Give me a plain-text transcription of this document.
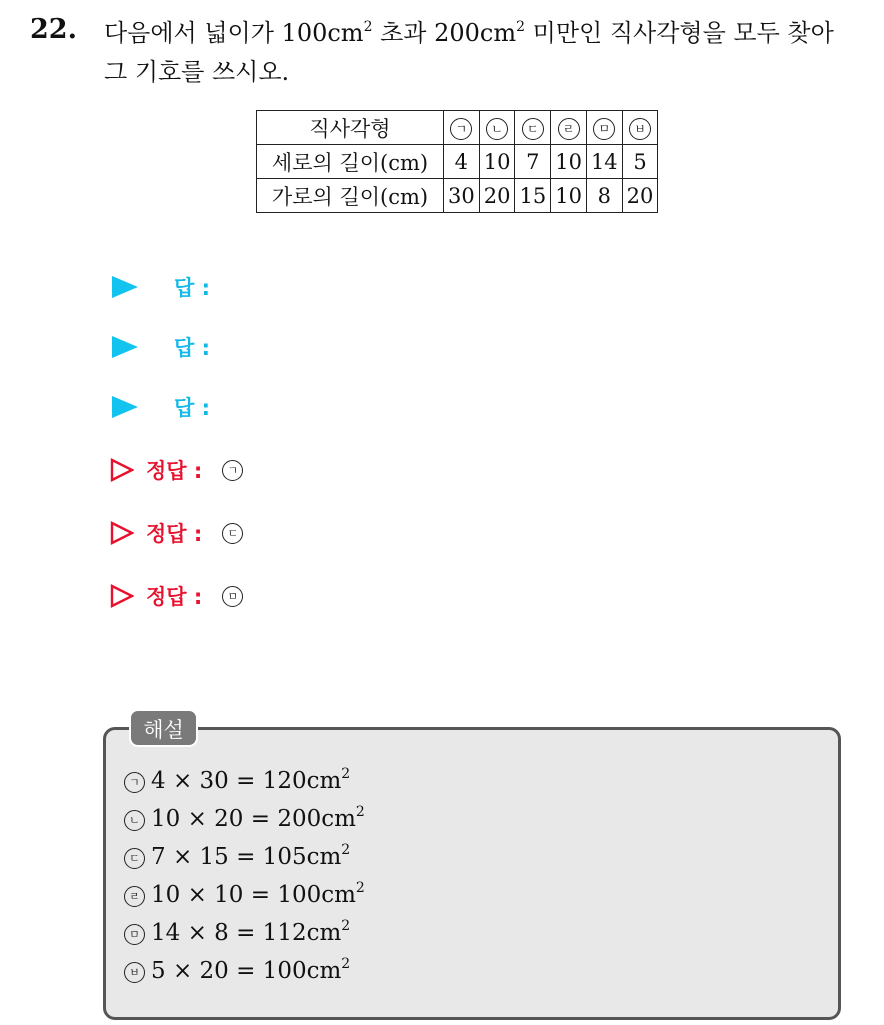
22. 다음에서 넓이가 $100cm^2$ 초과 $200cm^2$ 미만인 직사각형을 모두 찾아
그 기호를 쓰시오.
직사각형	ㄱ	ㄴ	ㄷ	ㄹ	ㅁ	ㅂ
세로의 길이(cm)	4	10	7	10	14	5
가로의 길이(cm)	30	20	15	10	8	20
답 :
답 :
답 :
정답 :	ㄱ
정답 :	ㄷ
정답 :	ㅁ
해설
ㄱ $4 \times 30 = 120cm^2$
ㄴ $10 \times 20 = 200cm^2$
ㄷ $7 \times 15 = 105cm^2$
ㄹ $10 \times 10 = 100cm^2$
ㅁ $14 \times 8 = 112cm^2$
ㅂ $5 \times 20 = 100cm^2$
